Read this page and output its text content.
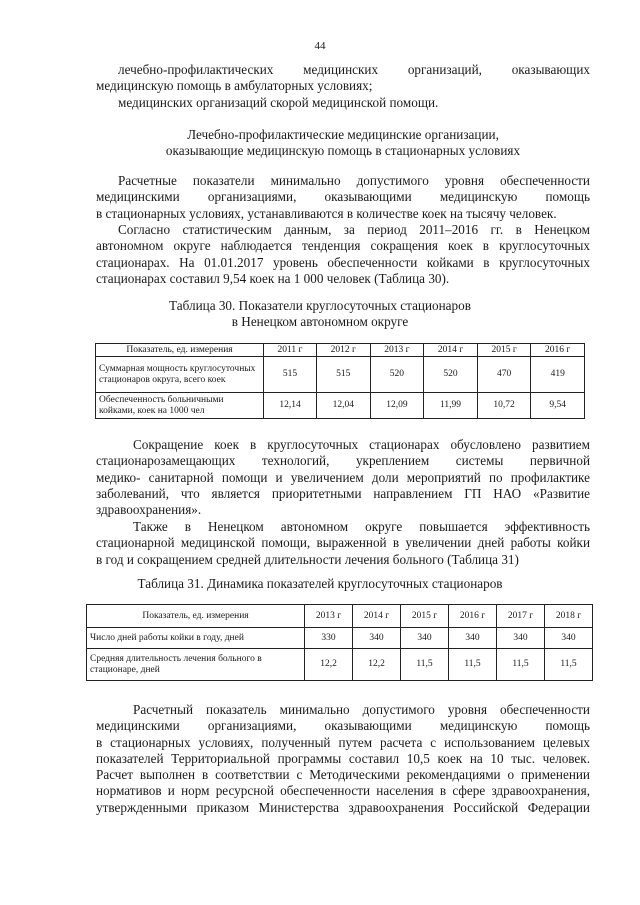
44
лечебно-профилактических медицинских организаций, оказывающих
медицинскую помощь в амбулаторных условиях;
медицинских организаций скорой медицинской помощи.
Лечебно-профилактические медицинские организации,
оказывающие медицинскую помощь в стационарных условиях
Расчетные показатели минимально допустимого уровня обеспеченности
медицинскими организациями, оказывающими медицинскую помощь
в стационарных условиях, устанавливаются в количестве коек на тысячу человек.
Согласно статистическим данным, за период 2011–2016 гг. в Ненецком
автономном округе наблюдается тенденция сокращения коек в круглосуточных
стационарах. На 01.01.2017 уровень обеспеченности койками в круглосуточных
стационарах составил 9,54 коек на 1 000 человек (Таблица 30).
Таблица 30. Показатели круглосуточных стационаров
в Ненецком автономном округе
Показатель, ед. измерения	2011 г	2012 г	2013 г	2014 г	2015 г	2016 г
Суммарная мощность круглосуточных стационаров округа, всего коек	515	515	520	520	470	419
Обеспеченность больничными койками, коек на 1000 чел	12,14	12,04	12,09	11,99	10,72	9,54
Сокращение коек в круглосуточных стационарах обусловлено развитием
стационарозамещающих технологий, укреплением системы первичной
медико- санитарной помощи и увеличением доли мероприятий по профилактике
заболеваний, что является приоритетными направлением ГП НАО «Развитие
здравоохранения».
Также в Ненецком автономном округе повышается эффективность
стационарной медицинской помощи, выраженной в увеличении дней работы койки
в год и сокращением средней длительности лечения больного (Таблица 31)
Таблица 31. Динамика показателей круглосуточных стационаров
Показатель, ед. измерения	2013 г	2014 г	2015 г	2016 г	2017 г	2018 г
Число дней работы койки в году, дней	330	340	340	340	340	340
Средняя длительность лечения больного в стационаре, дней	12,2	12,2	11,5	11,5	11,5	11,5
Расчетный показатель минимально допустимого уровня обеспеченности
медицинскими организациями, оказывающими медицинскую помощь
в стационарных условиях, полученный путем расчета с использованием целевых
показателей Территориальной программы составил 10,5 коек на 10 тыс. человек.
Расчет выполнен в соответствии с Методическими рекомендациями о применении
нормативов и норм ресурсной обеспеченности населения в сфере здравоохранения,
утвержденными приказом Министерства здравоохранения Российской Федерации
